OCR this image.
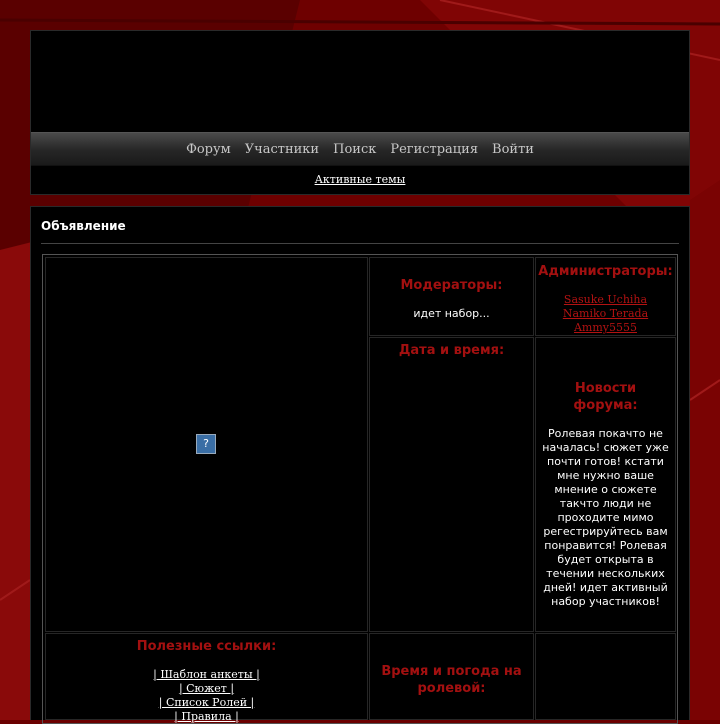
Форум Участники Поиск Регистрация Войти
Активные темы
Объявление
?
Модераторы:

идет набор...

Администраторы:
Sasuke Uchiha
Namiko Terada
Ammy5555
Дата и время:
Новости форума:

Ролевая покачто не

началась! сюжет уже

почти готов! кстати

мне нужно ваше

мнение о сюжете

такчто люди не

проходите мимо

регестрируйтесь вам

понравится! Ролевая

будет открыта в

течении нескольких

дней! идет активный

набор участников!

Полезные ссылки:
| Шаблон анкеты |
| Сюжет |
| Список Ролей |
| Правила |
Время и погода на
ролевой:
